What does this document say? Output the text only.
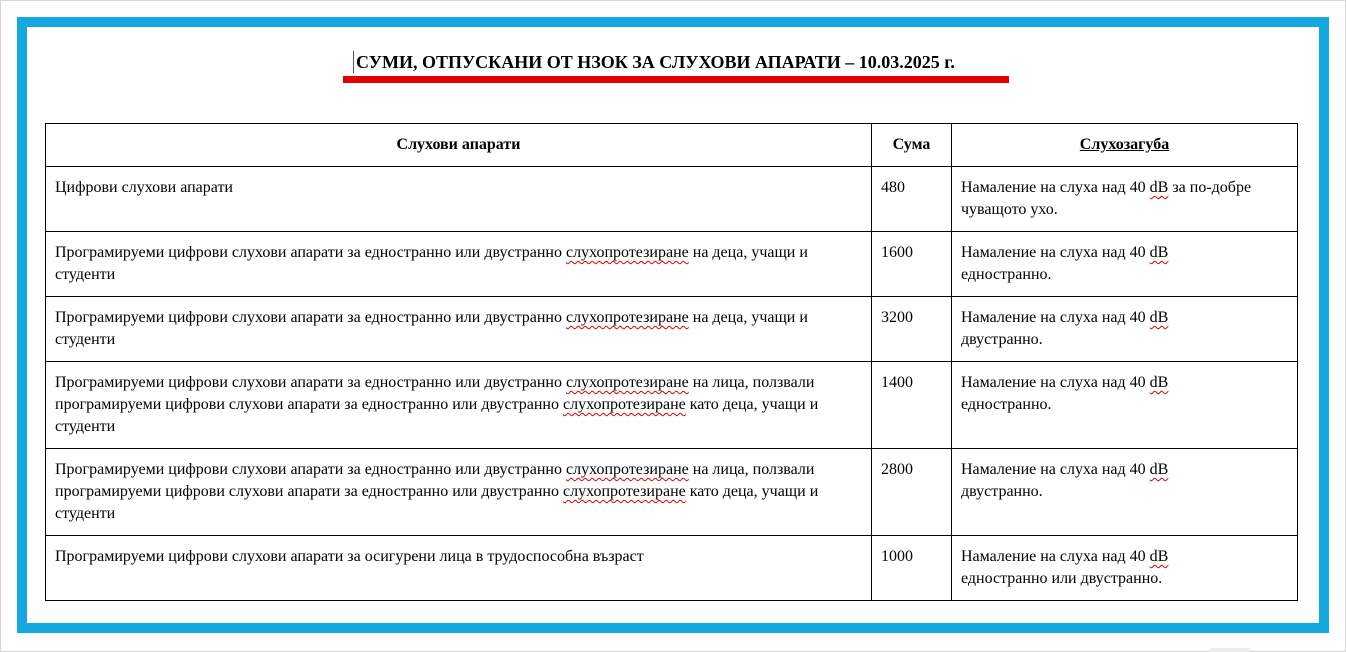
СУМИ, ОТПУСКАНИ ОТ НЗОК ЗА СЛУХОВИ АПАРАТИ – 10.03.2025 г.
Слухови апарати	Сума	Слухозагуба
Цифрови слухови апарати	480	Намаление на слуха над 40 dB за по-добре чуващото ухо.
Програмируеми цифрови слухови апарати за едностранно или двустранно слухопротезиране на деца, учащи и студенти	1600	Намаление на слуха над 40 dB
едностранно.
Програмируеми цифрови слухови апарати за едностранно или двустранно слухопротезиране на деца, учащи и студенти	3200	Намаление на слуха над 40 dB
двустранно.
Програмируеми цифрови слухови апарати за едностранно или двустранно слухопротезиране на лица, ползвали програмируеми цифрови слухови апарати за едностранно или двустранно слухопротезиране като деца, учащи и студенти	1400	Намаление на слуха над 40 dB
едностранно.
Програмируеми цифрови слухови апарати за едностранно или двустранно слухопротезиране на лица, ползвали програмируеми цифрови слухови апарати за едностранно или двустранно слухопротезиране като деца, учащи и студенти	2800	Намаление на слуха над 40 dB
двустранно.
Програмируеми цифрови слухови апарати за осигурени лица в трудоспособна възраст	1000	Намаление на слуха над 40 dB
едностранно или двустранно.
